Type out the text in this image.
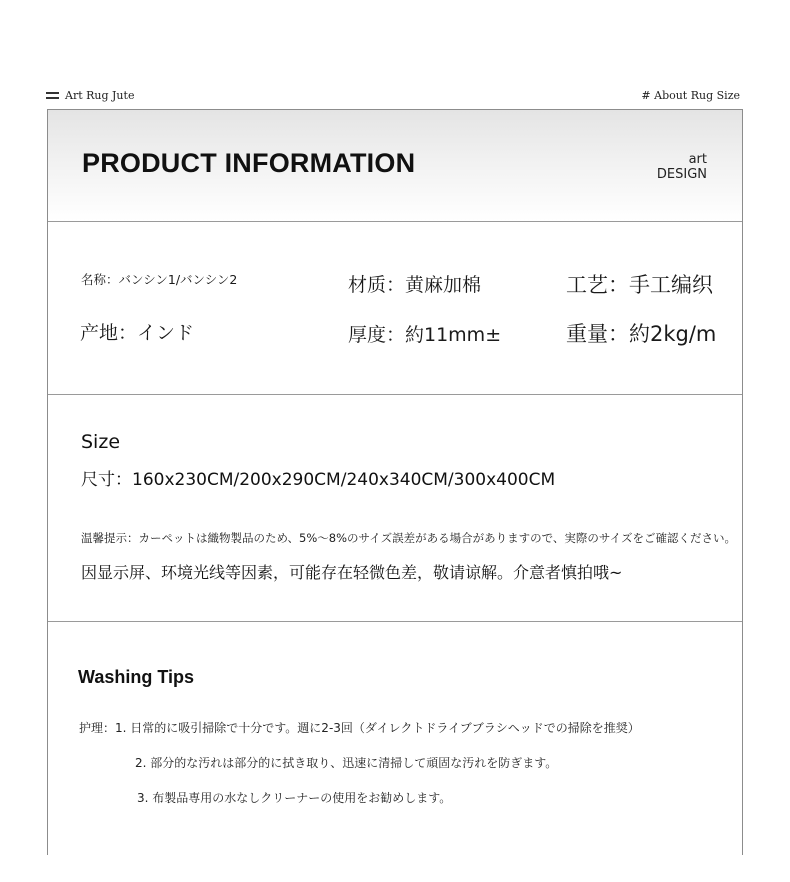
Art Rug Jute	# About Rug Size
PRODUCT INFORMATION	art
DESIGN
名称：バンシン1/バンシン2	材质：黄麻加棉	工艺：手工编织
产地：インド	厚度：約11mm±	重量：約2kg/m
Size
尺寸：160x230CM/200x290CM/240x340CM/300x400CM
温馨提示：カーペットは織物製品のため、5%〜8%のサイズ誤差がある場合がありますので、実際のサイズをご確認ください。
因显示屏、环境光线等因素，可能存在轻微色差，敬请谅解。介意者慎拍哦~
Washing Tips
护理：1. 日常的に吸引掃除で十分です。週に2-3回（ダイレクトドライブブラシヘッドでの掃除を推奨）
2. 部分的な汚れは部分的に拭き取り、迅速に清掃して頑固な汚れを防ぎます。
3. 布製品専用の水なしクリーナーの使用をお勧めします。
